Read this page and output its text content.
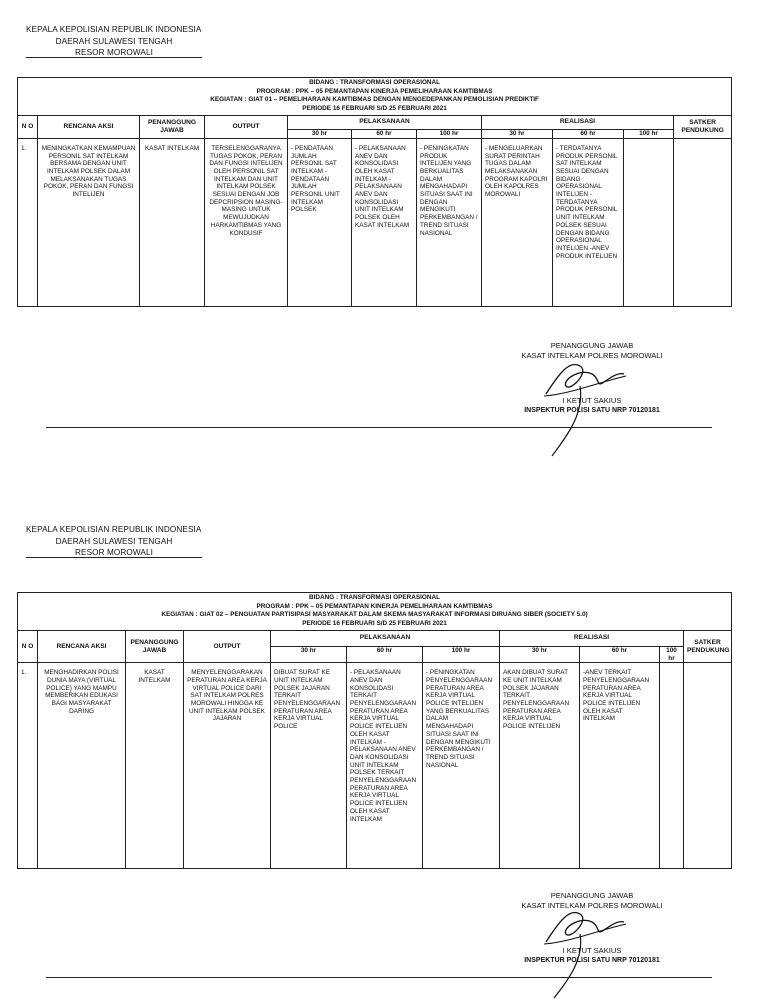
KEPALA KEPOLISIAN REPUBLIK INDONESIA
DAERAH SULAWESI TENGAH
RESOR MOROWALI
BIDANG : TRANSFORMASI OPERASIONAL
PROGRAM : PPK – 05 PEMANTAPAN KINERJA PEMELIHARAAN KAMTIBMAS
KEGIATAN : GIAT 01 – PEMELIHARAAN KAMTIBMAS DENGAN MENGEDEPANKAN PEMOLISIAN PREDIKTIF
PERIODE 16 FEBRUARI S/D 25 FEBRUARI 2021										

N O	RENCANA AKSI	PENANGGUNG JAWAB	OUTPUT	PELAKSANAAN			REALISASI			SATKER PENDUKUNG
				30 hr	60 hr	100 hr	30 hr	60 hr	100 hr	
1.	MENINGKATKAN KEMAMPUAN PERSONIL SAT INTELKAM BERSAMA DENGAN UNIT INTELKAM POLSEK DALAM MELAKSANAKAN TUGAS POKOK, PERAN DAN FUNGSI INTELIJEN	KASAT INTELKAM	TERSELENGGARANYA TUGAS POKOK, PERAN DAN FUNGSI INTELIJEN OLEH PERSONIL SAT INTELKAM DAN UNIT INTELKAM POLSEK SESUAI DENGAN JOB DEPCRIPSION MASING-MASING UNTUK MEWUJUDKAN HARKAMTIBMAS YANG KONDUSIF	- PENDATAAN JUMLAH PERSONIL SAT INTELKAM - PENDATAAN JUMLAH PERSONIL UNIT INTELKAM POLSEK	- PELAKSANAAN ANEV DAN KONSOLIDASI OLEH KASAT INTELKAM - PELAKSANAAN ANEV DAN KONSOLIDASI UNIT INTELKAM POLSEK OLEH KASAT INTELKAM	- PENINGKATAN PRODUK INTELIJEN YANG BERKUALITAS DALAM MENGAHADAPI SITUASI SAAT INI DENGAN MENGIKUTI PERKEMBANGAN / TREND SITUASI NASIONAL	- MENGELUARKAN SURAT PERINTAH TUGAS DALAM MELAKSANAKAN PROGRAM KAPOLRI OLEH KAPOLRES MOROWALI	- TERDATANYA PRODUK PERSONIL SAT INTELKAM SESUAI DENGAN BIDANG OPERASIONAL INTELIJEN - TERDATANYA PRODUK PERSONIL UNIT INTELKAM POLSEK SESUAI DENGAN BIDANG OPERASIONAL INTELIJEN -ANEV PRODUK INTELIJEN		
PENANGGUNG JAWAB
KASAT INTELKAM POLRES MOROWALI
I KETUT SAKIUS
INSPEKTUR POLISI SATU NRP 70120181
KEPALA KEPOLISIAN REPUBLIK INDONESIA
DAERAH SULAWESI TENGAH
RESOR MOROWALI
BIDANG : TRANSFORMASI OPERASIONAL
PROGRAM : PPK – 05 PEMANTAPAN KINERJA PEMELIHARAAN KAMTIBMAS
KEGIATAN : GIAT 02 – PENGUATAN PARTISIPASI MASYARAKAT DALAM SKEMA MASYARAKAT INFORMASI DIRUANG SIBER (SOCIETY 5.0)
PERIODE 16 FEBRUARI S/D 25 FEBRUARI 2021										

N O	RENCANA AKSI	PENANGGUNG JAWAB	OUTPUT	PELAKSANAAN			REALISASI			SATKER PENDUKUNG
				30 hr	60 hr	100 hr	30 hr	60 hr	100 hr	
1.	MENGHADIRKAN POLISI DUNIA MAYA (VIRTUAL POLICE) YANG MAMPU MEMBERIKAN EDUKASI BAGI MASYARAKAT DARING	KASAT INTELKAM	MENYELENGGARAKAN PERATURAN AREA KERJA VIRTUAL POLICE DARI SAT INTELKAM POLRES MOROWALI HINGGA KE UNIT INTELKAM POLSEK JAJARAN	DIBUAT SURAT KE UNIT INTELKAM POLSEK JAJARAN TERKAIT PENYELENGGARAAN PERATURAN AREA KERJA VIRTUAL POLICE	- PELAKSANAAN ANEV DAN KONSOLIDASI TERKAIT PENYELENGGARAAN PERATURAN AREA KERJA VIRTUAL POLICE INTELIJEN OLEH KASAT INTELKAM - PELAKSANAAN ANEV DAN KONSOLIDASI UNIT INTELKAM POLSEK TERKAIT PENYELENGGARAAN PERATURAN AREA KERJA VIRTUAL POLICE INTELIJEN OLEH KASAT INTELKAM	- PENINGKATAN PENYELENGGARAAN PERATURAN AREA KERJA VIRTUAL POLICE INTELIJEN YANG BERKUALITAS DALAM MENGAHADAPI SITUASI SAAT INI DENGAN MENGIKUTI PERKEMBANGAN / TREND SITUASI NASIONAL	AKAN DIBUAT SURAT KE UNIT INTELKAM POLSEK JAJARAN TERKAIT PENYELENGGARAAN PERATURAN AREA KERJA VIRTUAL POLICE INTELIJEN	-ANEV TERKAIT PENYELENGGARAAN PERATURAN AREA KERJA VIRTUAL POLICE INTELIJEN OLEH KASAT INTELKAM		
PENANGGUNG JAWAB
KASAT INTELKAM POLRES MOROWALI
I KETUT SAKIUS
INSPEKTUR POLISI SATU NRP 70120181
